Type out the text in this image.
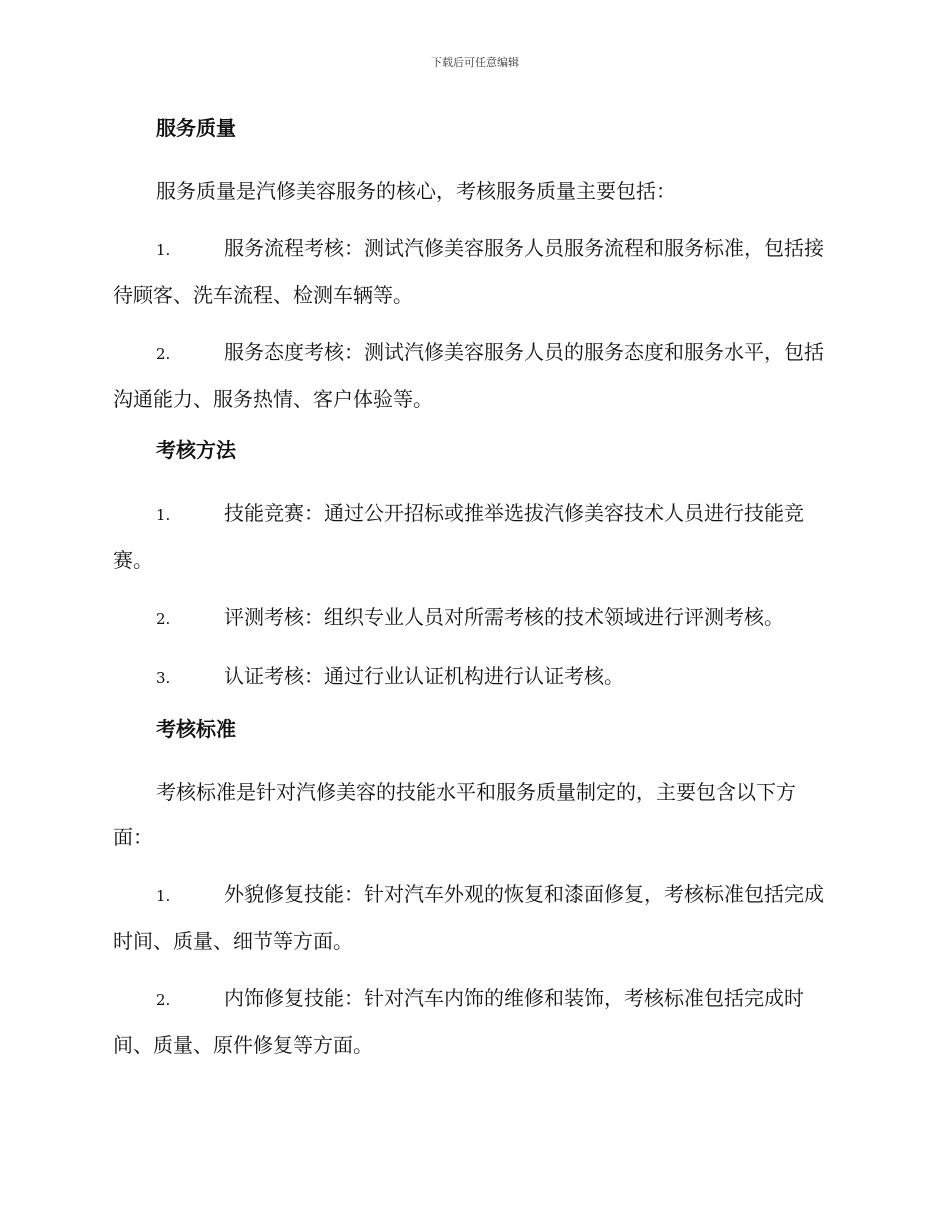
下载后可任意编辑
服务质量

服务质量是汽修美容服务的核心，考核服务质量主要包括：

1.	服务流程考核：测试汽修美容服务人员服务流程和服务标准，包括接待顾客、洗车流程、检测车辆等。

2.	服务态度考核：测试汽修美容服务人员的服务态度和服务水平，包括沟通能力、服务热情、客户体验等。

考核方法

1.	技能竞赛：通过公开招标或推举选拔汽修美容技术人员进行技能竞赛。

2.	评测考核：组织专业人员对所需考核的技术领域进行评测考核。

3.	认证考核：通过行业认证机构进行认证考核。

考核标准

考核标准是针对汽修美容的技能水平和服务质量制定的，主要包含以下方面：

1.	外貌修复技能：针对汽车外观的恢复和漆面修复，考核标准包括完成时间、质量、细节等方面。

2.	内饰修复技能：针对汽车内饰的维修和装饰，考核标准包括完成时间、质量、原件修复等方面。
